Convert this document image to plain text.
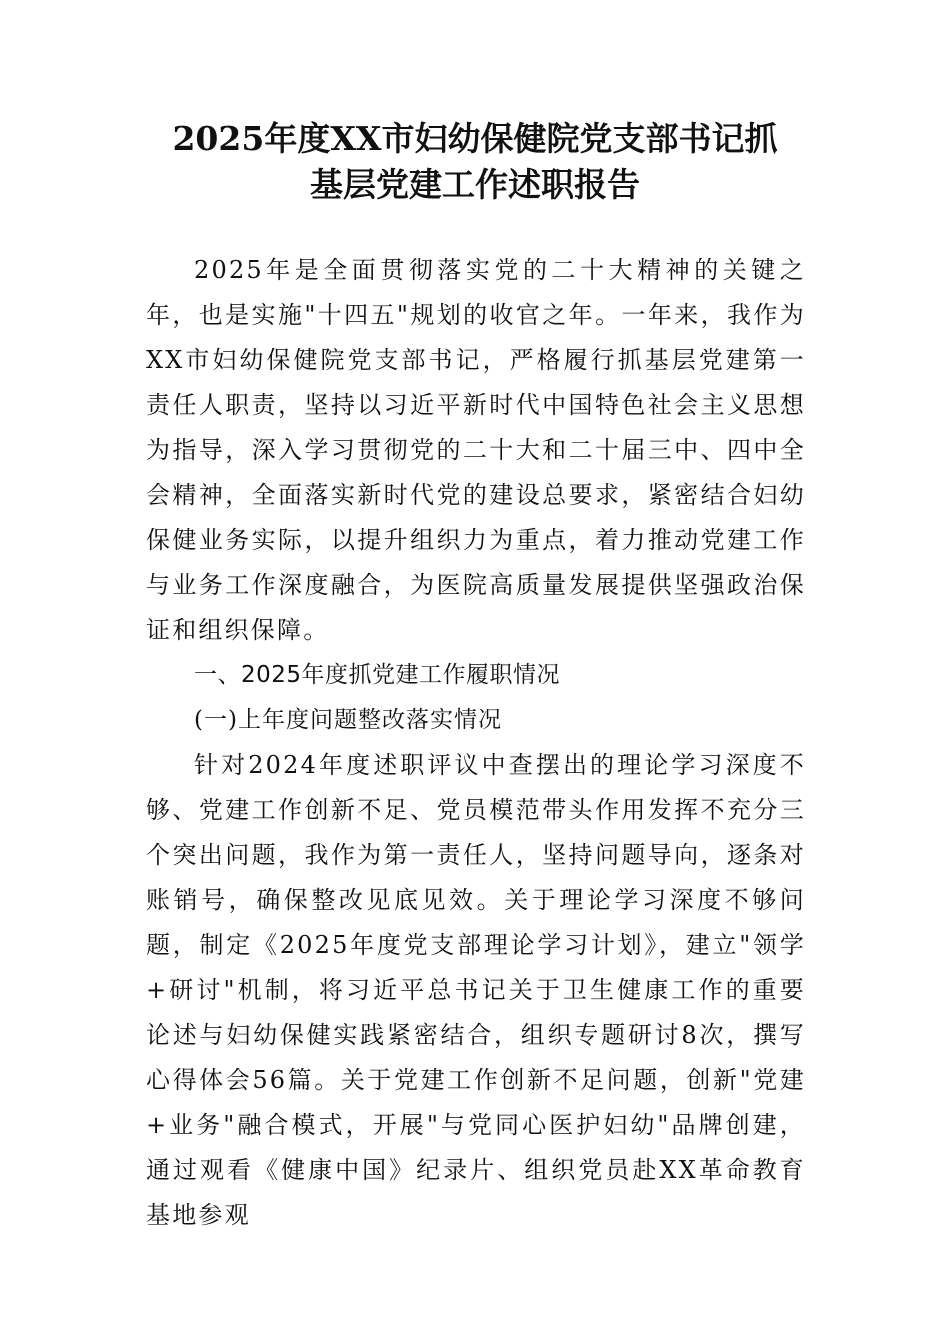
2025年度XX市妇幼保健院党支部书记抓
基层党建工作述职报告

2025年是全面贯彻落实党的二十大精神的关键之年，也是实施"十四五"规划的收官之年。一年来，我作为XX市妇幼保健院党支部书记，严格履行抓基层党建第一责任人职责，坚持以习近平新时代中国特色社会主义思想为指导，深入学习贯彻党的二十大和二十届三中、四中全会精神，全面落实新时代党的建设总要求，紧密结合妇幼保健业务实际，以提升组织力为重点，着力推动党建工作与业务工作深度融合，为医院高质量发展提供坚强政治保证和组织保障。

一、2025年度抓党建工作履职情况

(一)上年度问题整改落实情况

针对2024年度述职评议中查摆出的理论学习深度不够、党建工作创新不足、党员模范带头作用发挥不充分三个突出问题，我作为第一责任人，坚持问题导向，逐条对账销号，确保整改见底见效。关于理论学习深度不够问题，制定《2025年度党支部理论学习计划》，建立"领学+研讨"机制，将习近平总书记关于卫生健康工作的重要论述与妇幼保健实践紧密结合，组织专题研讨8次，撰写心得体会56篇。关于党建工作创新不足问题，创新"党建+业务"融合模式，开展"与党同心医护妇幼"品牌创建，通过观看《健康中国》纪录片、组织党员赴XX革命教育基地参观
